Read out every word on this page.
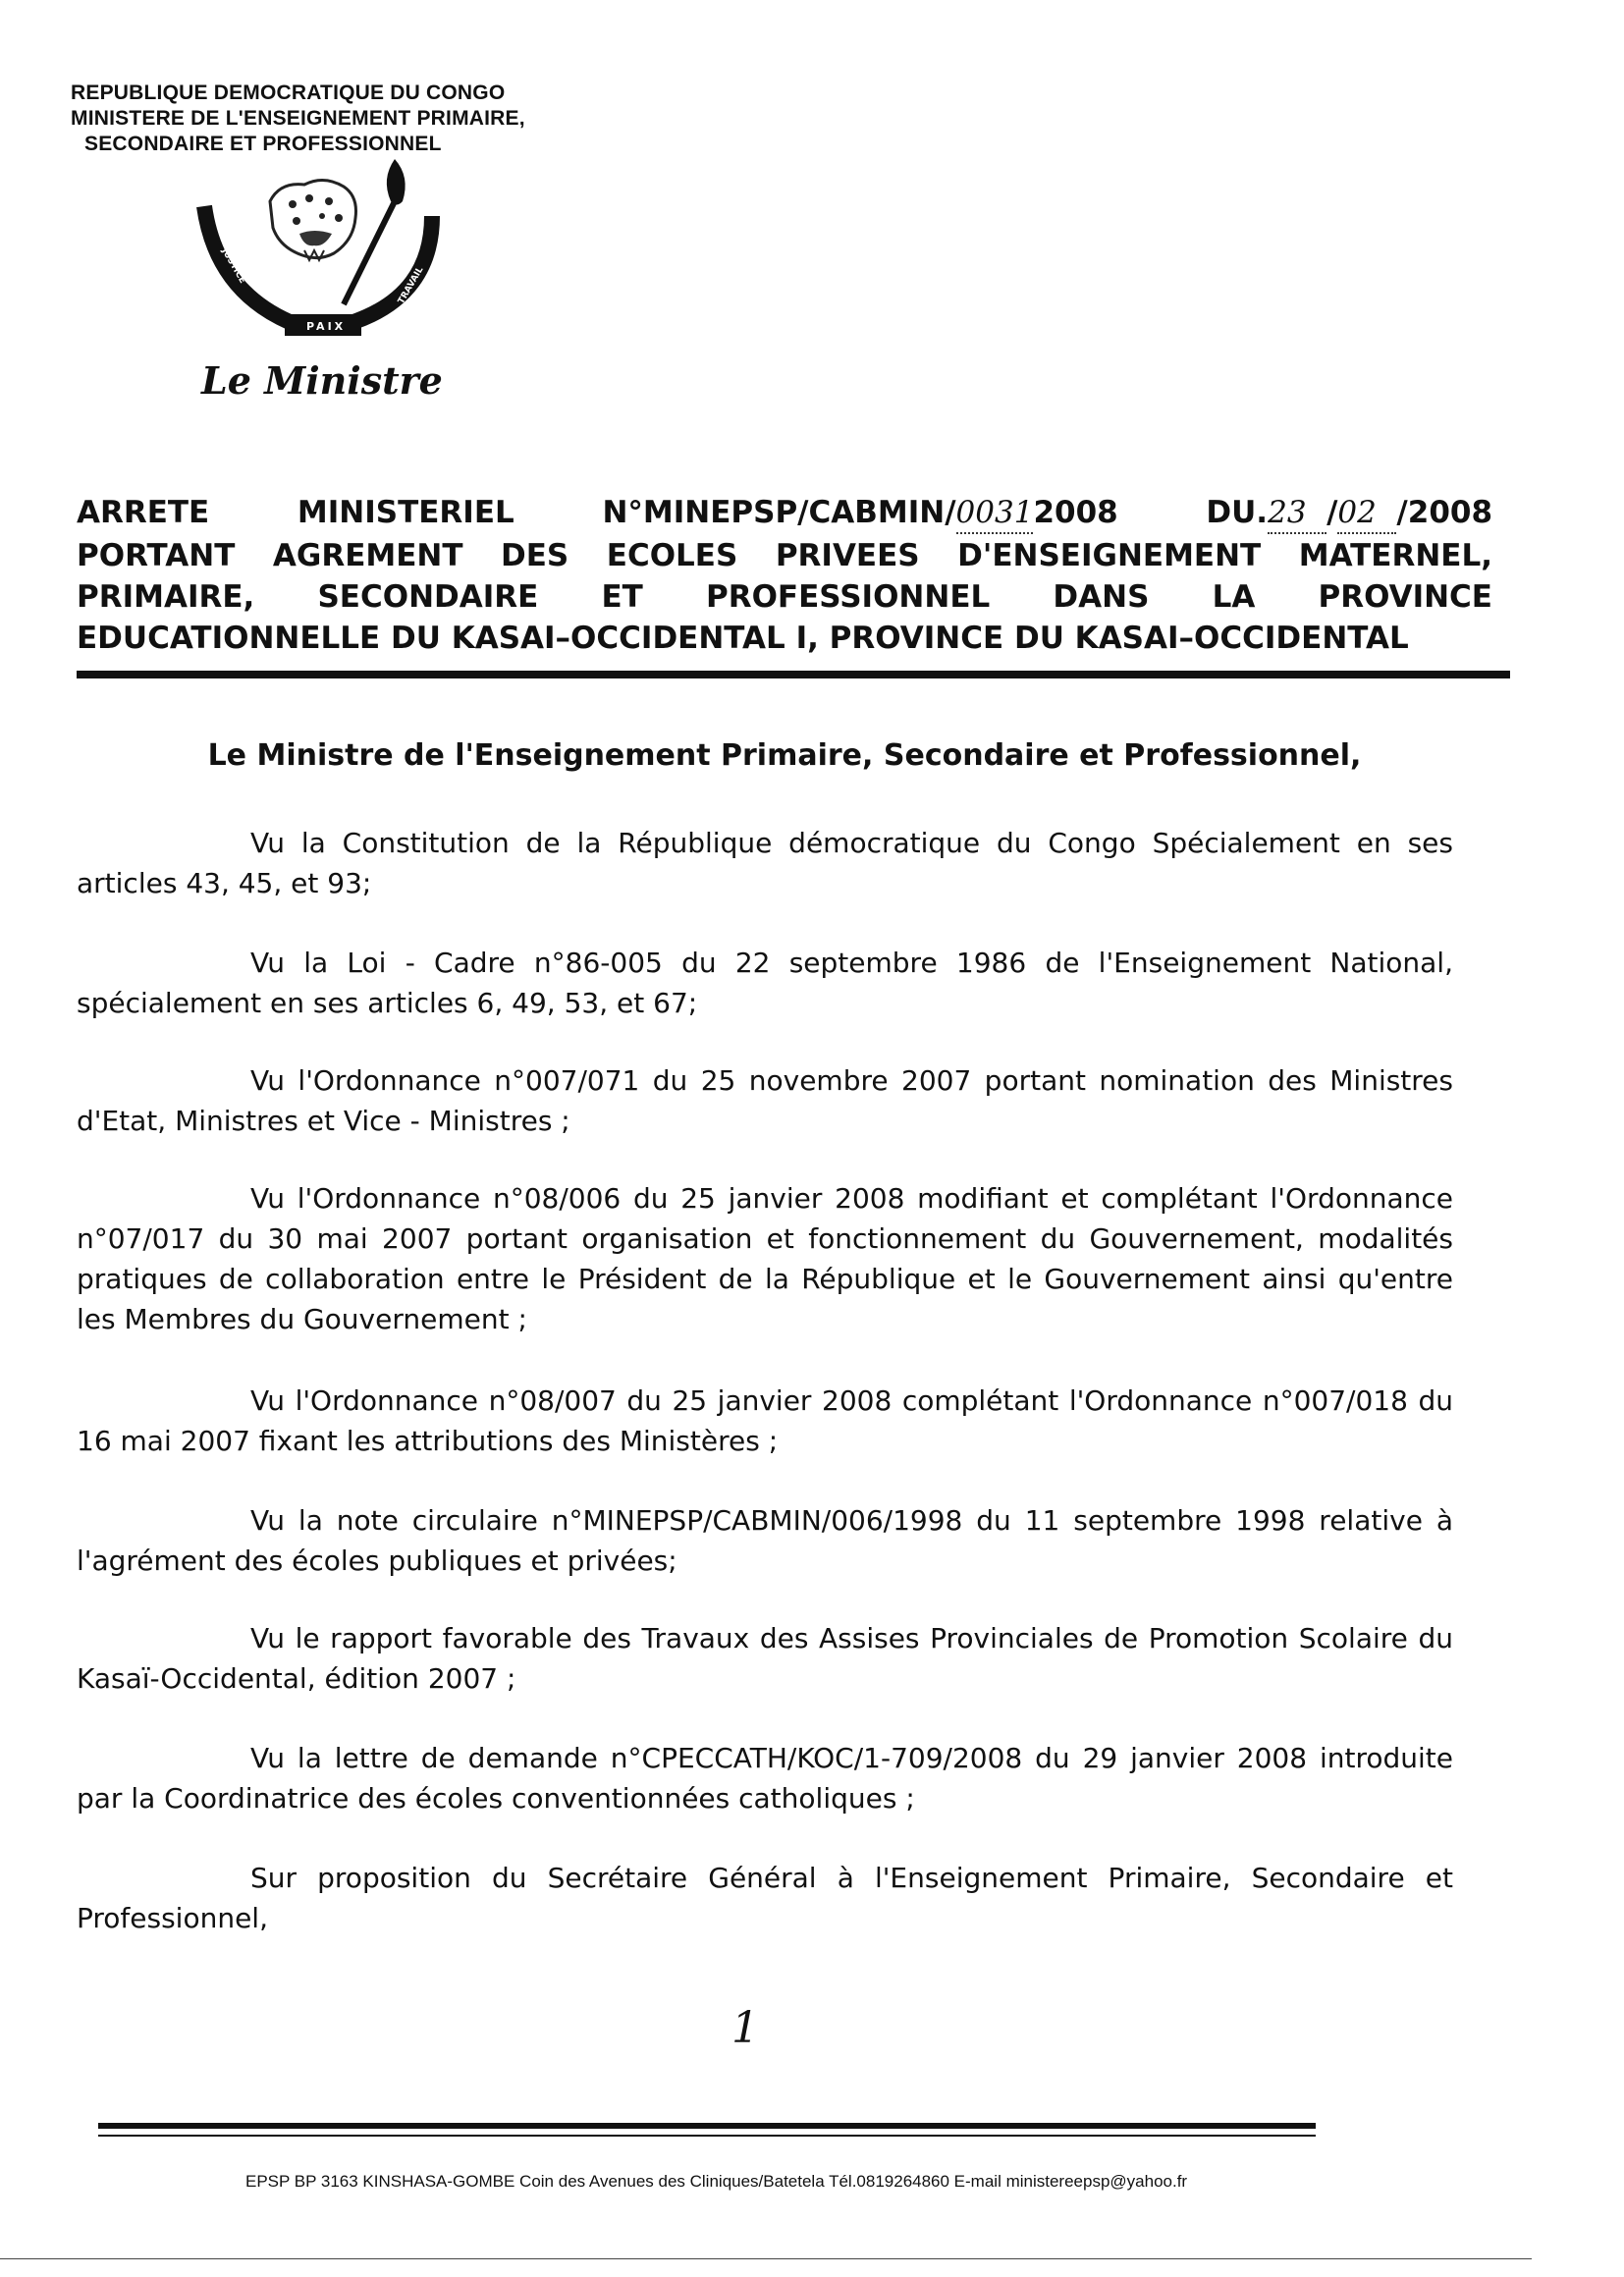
REPUBLIQUE DEMOCRATIQUE DU CONGO
MINISTERE DE L'ENSEIGNEMENT PRIMAIRE,
SECONDAIRE ET PROFESSIONNEL
JUSTICE
PAIX
TRAVAIL
Le Ministre
ARRETE	MINISTERIEL	N°MINEPSP/CABMIN/00312008	DU.23 /02 /2008
PORTANT AGREMENT DES ECOLES PRIVEES D'ENSEIGNEMENT MATERNEL,
PRIMAIRE, SECONDAIRE ET PROFESSIONNEL DANS LA PROVINCE
EDUCATIONNELLE DU KASAI–OCCIDENTAL I, PROVINCE DU KASAI–OCCIDENTAL
Le Ministre de l'Enseignement Primaire, Secondaire et Professionnel,
Vu la Constitution de la République démocratique du Congo Spécialement en ses articles 43, 45, et 93;
Vu la Loi - Cadre n°86-005 du 22 septembre 1986 de l'Enseignement National, spécialement en ses articles 6, 49, 53, et 67;
Vu l'Ordonnance n°007/071 du 25 novembre 2007 portant nomination des Ministres d'Etat, Ministres et Vice - Ministres ;
Vu l'Ordonnance n°08/006 du 25 janvier 2008 modifiant et complétant l'Ordonnance n°07/017 du 30 mai 2007 portant organisation et fonctionnement du Gouvernement, modalités pratiques de collaboration entre le Président de la République et le Gouvernement ainsi qu'entre les Membres du Gouvernement ;
Vu l'Ordonnance n°08/007 du 25 janvier 2008 complétant l'Ordonnance n°007/018 du 16 mai 2007 fixant les attributions des Ministères ;
Vu la note circulaire n°MINEPSP/CABMIN/006/1998 du 11 septembre 1998 relative à l'agrément des écoles publiques et privées;
Vu le rapport favorable des Travaux des Assises Provinciales de Promotion Scolaire du Kasaï-Occidental, édition 2007 ;
Vu la lettre de demande n°CPECCATH/KOC/1-709/2008 du 29 janvier 2008 introduite par la Coordinatrice des écoles conventionnées catholiques ;
Sur proposition du Secrétaire Général à l'Enseignement Primaire, Secondaire et Professionnel,
1
EPSP BP 3163 KINSHASA-GOMBE Coin des Avenues des Cliniques/Batetela Tél.0819264860 E-mail ministereepsp@yahoo.fr
